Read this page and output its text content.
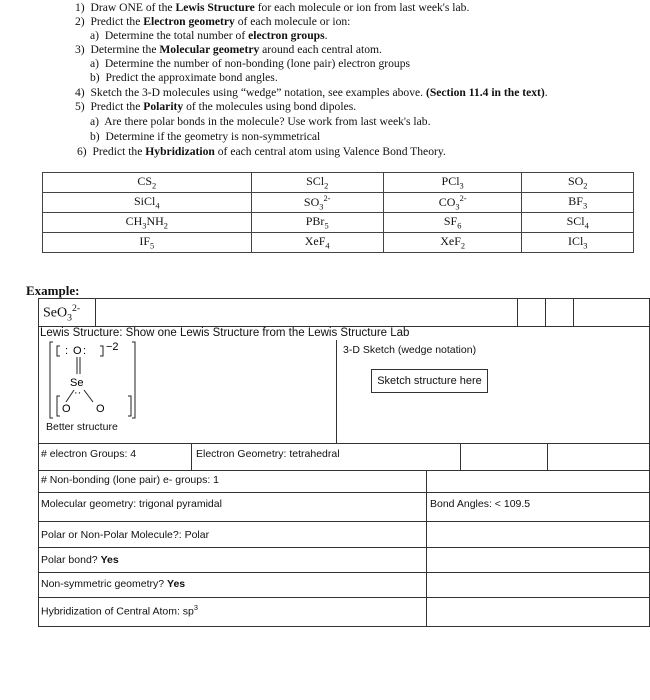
1) Draw ONE of the Lewis Structure for each molecule or ion from last week's lab.
2) Predict the Electron geometry of each molecule or ion:
a) Determine the total number of electron groups.
3) Determine the Molecular geometry around each central atom.
a) Determine the number of non-bonding (lone pair) electron groups
b) Predict the approximate bond angles.
4) Sketch the 3-D molecules using “wedge” notation, see examples above. (Section 11.4 in the text).
5) Predict the Polarity of the molecules using bond dipoles.
a) Are there polar bonds in the molecule? Use work from last week's lab.
b) Determine if the geometry is non-symmetrical
6) Predict the Hybridization of each central atom using Valence Bond Theory.
$CS_2$	SCl$_2$	PCl$_3$	$SO_2$
SiCl$_4$	$SO_3^{2-}$	$CO_3^{2-}$	$BF_3$
$CH_3NH_2$	PBr$_5$	$SF_6$	SCl$_4$
$IF_5$	XeF$_4$	XeF$_2$	ICl$_3$
Example:
SeO$_3^{2-}$
Lewis Structure: Show one Lewis Structure from the Lewis Structure Lab
3-D Sketch (wedge notation)
Sketch structure here
O
: :
Se
··
O O
−2
Better structure
# electron Groups: 4	Electron Geometry: tetrahedral
# Non-bonding (lone pair) e- groups: 1
Molecular geometry: trigonal pyramidal	Bond Angles: < 109.5
Polar or Non-Polar Molecule?: Polar
Polar bond? Yes
Non-symmetric geometry? Yes
Hybridization of Central Atom: $sp^3$
